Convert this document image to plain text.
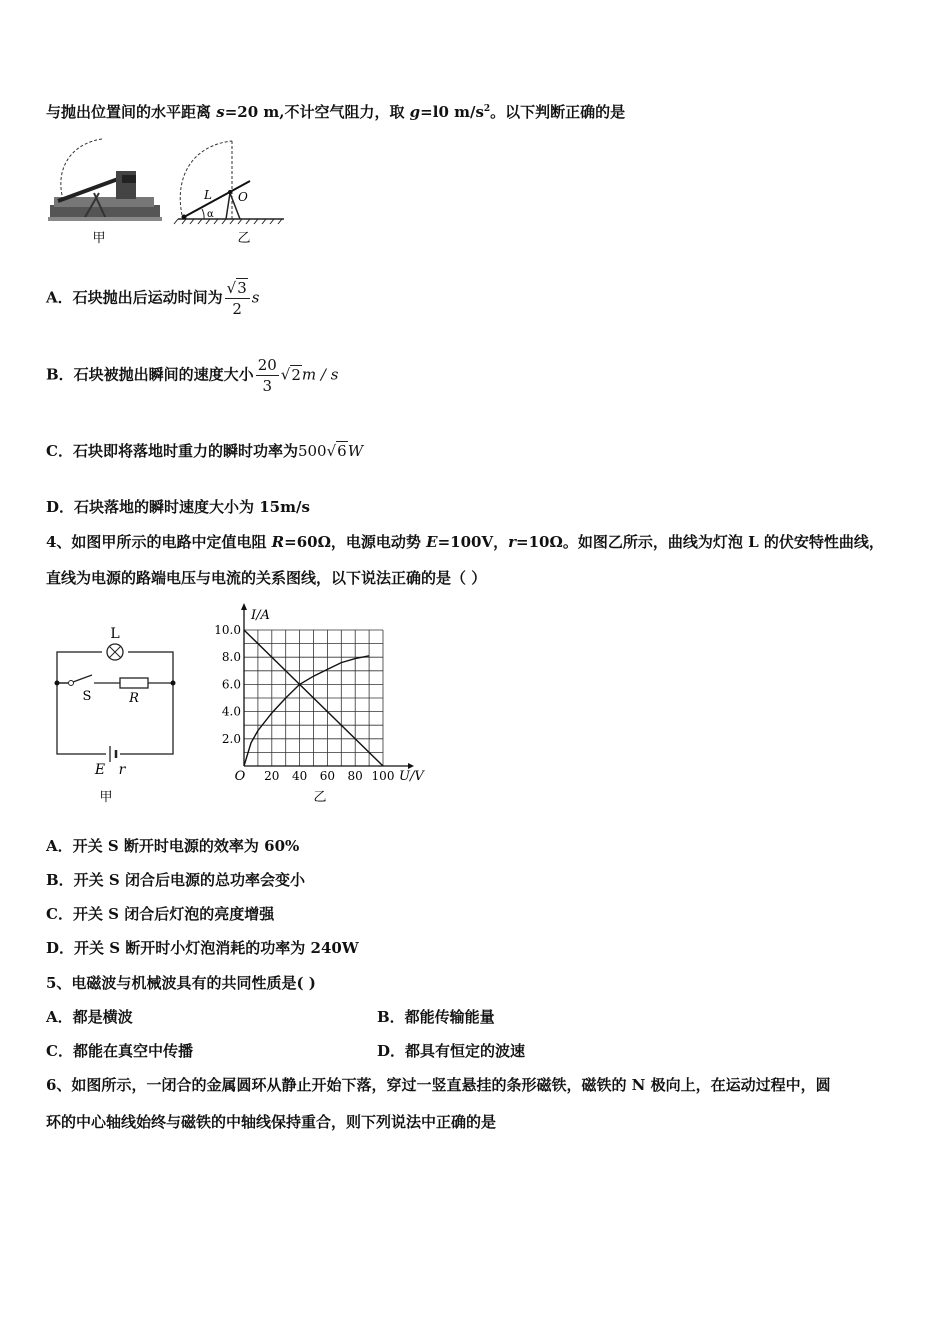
与抛出位置间的水平距离 s=20 m,不计空气阻力，取 g=l0 $m/s^2$。以下判断正确的是
甲
L O
α
乙
A．石块抛出后运动时间为 $\frac{√3}{2}$ s
B．石块被抛出瞬间的速度大小 $\frac{20}{3} √2m$ / s
C．石块即将落地时重力的瞬时功率为500√6W
D．石块落地的瞬时速度大小为 15m/s
4、如图甲所示的电路中定值电阻 R=60Ω，电源电动势 E=100V，r=10Ω。如图乙所示，曲线为灯泡 L 的伏安特性曲线，
直线为电源的路端电压与电流的关系图线，以下说法正确的是（ ）
L
S	R
E r
甲
20 40 60 80 100
2.0
4.0
6.0
8.0
10.0
I/A
U/V
O
乙
A．开关 S 断开时电源的效率为 60%
B．开关 S 闭合后电源的总功率会变小
C．开关 S 闭合后灯泡的亮度增强
D．开关 S 断开时小灯泡消耗的功率为 240W
5、电磁波与机械波具有的共同性质是( )
A．都是横波	B．都能传输能量
C．都能在真空中传播	D．都具有恒定的波速
6、如图所示，一闭合的金属圆环从静止开始下落，穿过一竖直悬挂的条形磁铁，磁铁的 N 极向上，在运动过程中，圆
环的中心轴线始终与磁铁的中轴线保持重合，则下列说法中正确的是
